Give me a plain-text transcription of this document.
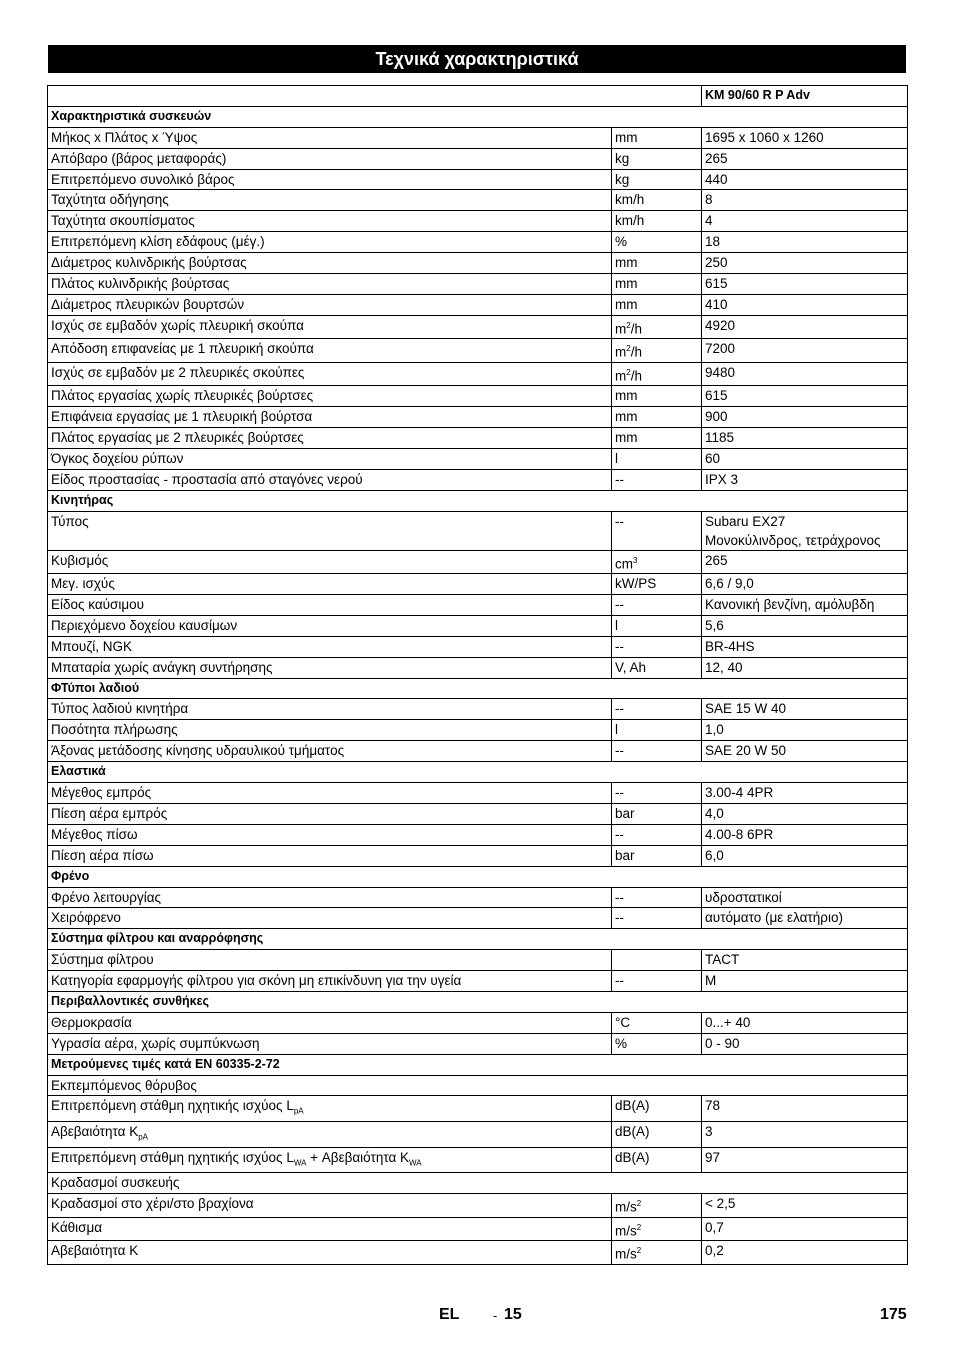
Τεχνικά χαρακτηριστικά
		KM 90/60 R P Adv
Χαρακτηριστικά συσκευών		
Μήκος x Πλάτος x Ύψος	mm	1695 x 1060 x 1260

Απόβαρο (βάρος μεταφοράς)	kg	265

Επιτρεπόμενο συνολικό βάρος	kg	440

Ταχύτητα οδήγησης	km/h	8

Ταχύτητα σκουπίσματος	km/h	4

Επιτρεπόμενη κλίση εδάφους (μέγ.)	%	18

Διάμετρος κυλινδρικής βούρτσας	mm	250

Πλάτος κυλινδρικής βούρτσας	mm	615

Διάμετρος πλευρικών βουρτσών	mm	410

Ισχύς σε εμβαδόν χωρίς πλευρική σκούπα	$m^2/h$	4920

Απόδοση επιφανείας με 1 πλευρική σκούπα	$m^2/h$	7200

Ισχύς σε εμβαδόν με 2 πλευρικές σκούπες	$m^2/h$	9480

Πλάτος εργασίας χωρίς πλευρικές βούρτσες	mm	615

Επιφάνεια εργασίας με 1 πλευρική βούρτσα	mm	900

Πλάτος εργασίας με 2 πλευρικές βούρτσες	mm	1185

Όγκος δοχείου ρύπων	l	60

Είδος προστασίας - προστασία από σταγόνες νερού	--	IPX 3

Κινητήρας		
Τύπος	--	Subaru EX27
Μονοκύλινδρος, τετράχρονος

Κυβισμός	$cm^3$	265

Μεγ. ισχύς	kW/PS	6,6 / 9,0

Είδος καύσιμου	--	Κανονική βενζίνη, αμόλυβδη

Περιεχόμενο δοχείου καυσίμων	l	5,6

Μπουζί, NGK	--	BR-4HS

Μπαταρία χωρίς ανάγκη συντήρησης	V, Ah	12, 40

ΦΤύποι λαδιού		
Τύπος λαδιού κινητήρα	--	SAE 15 W 40

Ποσότητα πλήρωσης	l	1,0

Άξονας μετάδοσης κίνησης υδραυλικού τμήματος	--	SAE 20 W 50

Ελαστικά		
Μέγεθος εμπρός	--	3.00-4 4PR

Πίεση αέρα εμπρός	bar	4,0

Μέγεθος πίσω	--	4.00-8 6PR

Πίεση αέρα πίσω	bar	6,0

Φρένο		
Φρένο λειτουργίας	--	υδροστατικοί

Χειρόφρενο	--	αυτόματο (με ελατήριο)

Σύστημα φίλτρου και αναρρόφησης		
Σύστημα φίλτρου		TACT

Κατηγορία εφαρμογής φίλτρου για σκόνη μη επικίνδυνη για την υγεία	--	M

Περιβαλλοντικές συνθήκες		
Θερμοκρασία	°C	0...+ 40

Υγρασία αέρα, χωρίς συμπύκνωση	%	0 - 90

Μετρούμενες τιμές κατά EN 60335-2-72		
Εκπεμπόμενος θόρυβος		
Επιτρεπόμενη στάθμη ηχητικής ισχύος $L_{pA}$	dB(A)	78

Αβεβαιότητα $K_{pA}$	dB(A)	3

Επιτρεπόμενη στάθμη ηχητικής ισχύος $L_{WA} + A\beta\varepsilon\beta\alpha\iota ό\tau\eta\tau\alpha$ $K_{WA}$	dB(A)	97

Κραδασμοί συσκευής		
Κραδασμοί στο χέρι/στο βραχίονα	$m/s^2$	< 2,5

Κάθισμα	$m/s^2$	0,7

Αβεβαιότητα K	$m/s^2$	0,2
EL	- 15	175
